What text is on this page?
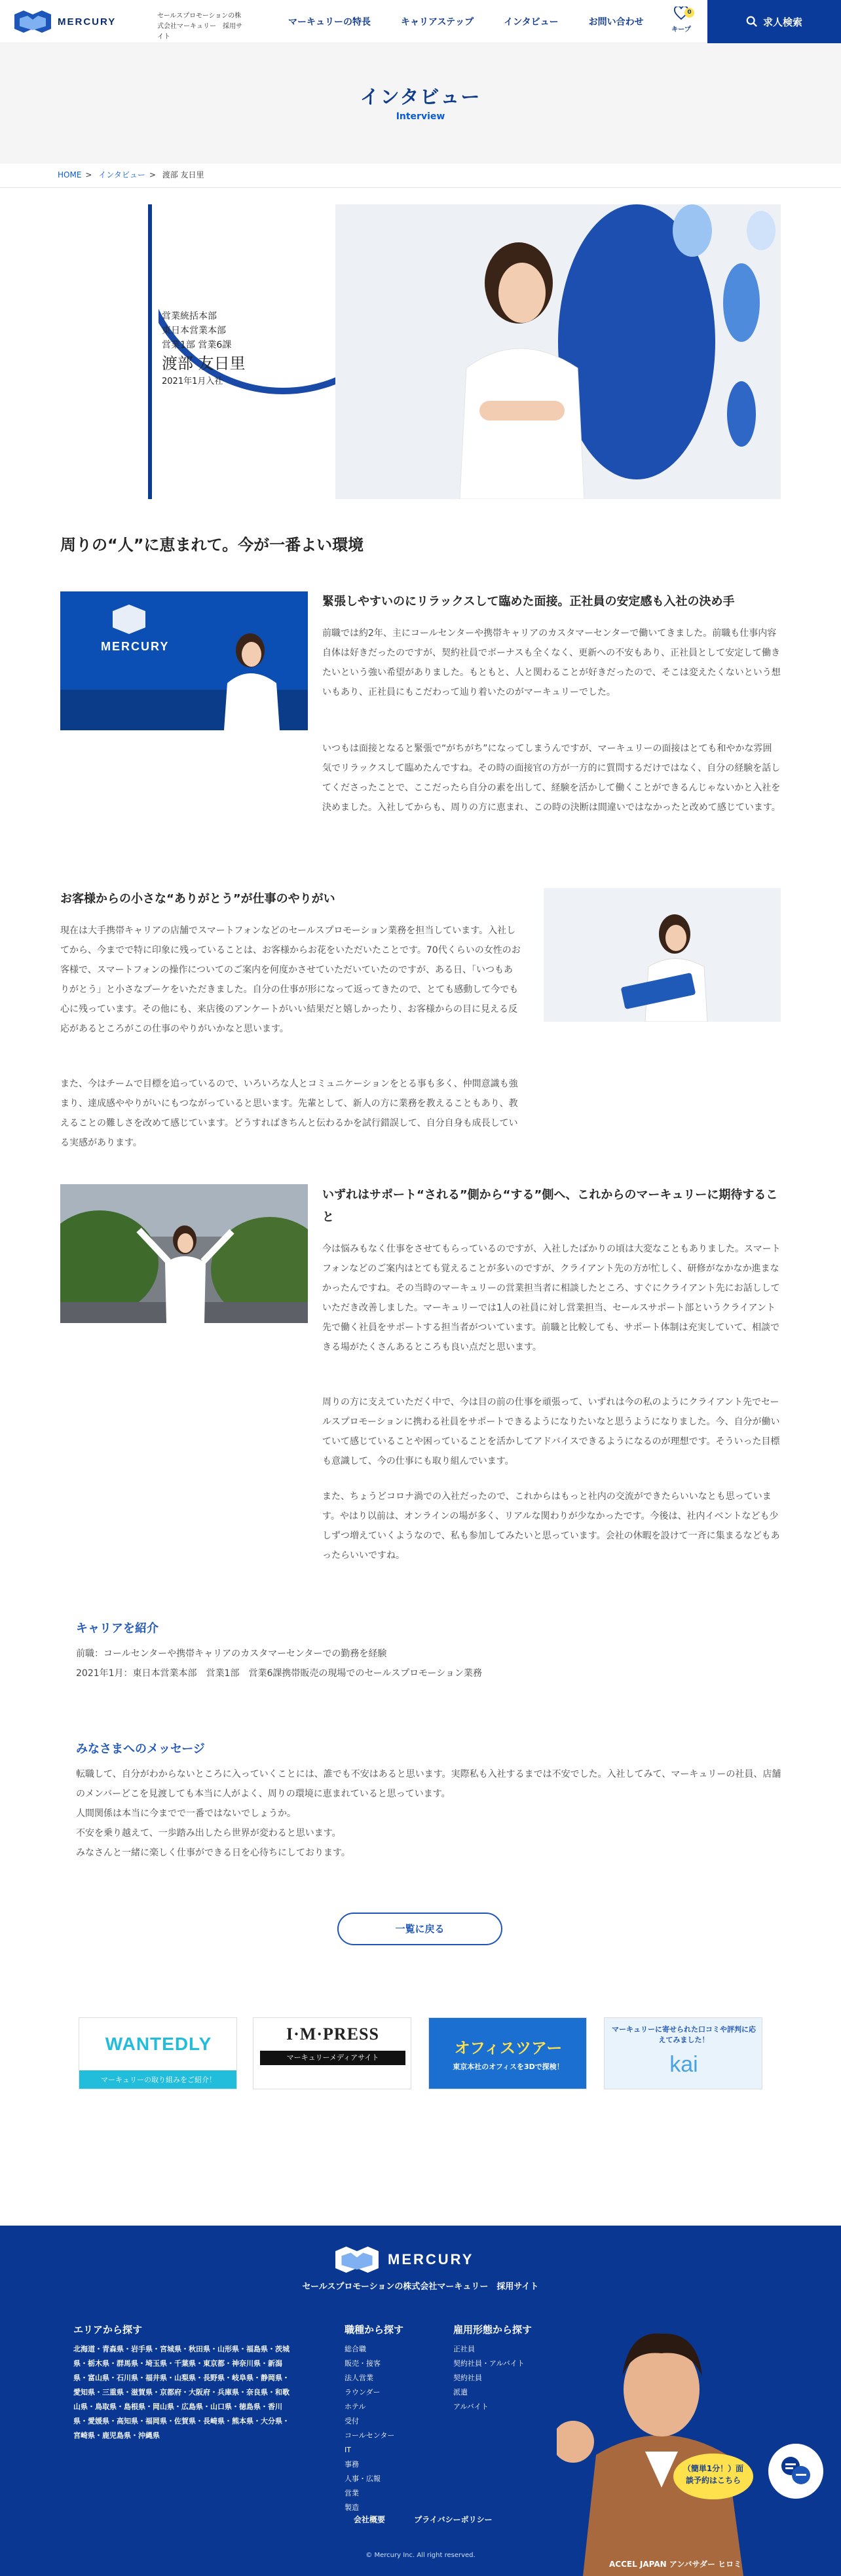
MERCURY	セールスプロモーションの株式会社マーキュリー　採用サイト
マーキュリーの特長	キャリアステップ	インタビュー	お問い合わせ
0
キープ
求人検索
インタビュー
Interview
HOME > インタビュー > 渡部 友日里
営業統括本部
東日本営業本部
営業1部 営業6課
渡部 友日里
2021年1月入社
周りの“人”に恵まれて。今が一番よい環境
MERCURY
緊張しやすいのにリラックスして臨めた面接。正社員の安定感も入社の決め手
前職では約2年、主にコールセンターや携帯キャリアのカスタマーセンターで働いてきました。前職も仕事内容自体は好きだったのですが、契約社員でボーナスも全くなく、更新への不安もあり、正社員として安定して働きたいという強い希望がありました。もともと、人と関わることが好きだったので、そこは変えたくないという想いもあり、正社員にもこだわって辿り着いたのがマーキュリーでした。
いつもは面接となると緊張で“がちがち”になってしまうんですが、マーキュリーの面接はとても和やかな雰囲気でリラックスして臨めたんですね。その時の面接官の方が一方的に質問するだけではなく、自分の経験を話してくださったことで、ここだったら自分の素を出して、経験を活かして働くことができるんじゃないかと入社を決めました。入社してからも、周りの方に恵まれ、この時の決断は間違いではなかったと改めて感じています。
お客様からの小さな“ありがとう”が仕事のやりがい
現在は大手携帯キャリアの店舗でスマートフォンなどのセールスプロモーション業務を担当しています。入社してから、今までで特に印象に残っていることは、お客様からお花をいただいたことです。70代くらいの女性のお客様で、スマートフォンの操作についてのご案内を何度かさせていただいていたのですが、ある日、「いつもありがとう」と小さなブーケをいただきました。自分の仕事が形になって返ってきたので、とても感動して今でも心に残っています。その他にも、来店後のアンケートがいい結果だと嬉しかったり、お客様からの目に見える反応があるところがこの仕事のやりがいかなと思います。
また、今はチームで目標を追っているので、いろいろな人とコミュニケーションをとる事も多く、仲間意識も強まり、達成感ややりがいにもつながっていると思います。先輩として、新人の方に業務を教えることもあり、教えることの難しさを改めて感じています。どうすればきちんと伝わるかを試行錯誤して、自分自身も成長している実感があります。
いずれはサポート“される”側から“する”側へ、これからのマーキュリーに期待すること
今は悩みもなく仕事をさせてもらっているのですが、入社したばかりの頃は大変なこともありました。スマートフォンなどのご案内はとても覚えることが多いのですが、クライアント先の方が忙しく、研修がなかなか進まなかったんですね。その当時のマーキュリーの営業担当者に相談したところ、すぐにクライアント先にお話ししていただき改善しました。マーキュリーでは1人の社員に対し営業担当、セールスサポート部というクライアント先で働く社員をサポートする担当者がついています。前職と比較しても、サポート体制は充実していて、相談できる場がたくさんあるところも良い点だと思います。
周りの方に支えていただく中で、今は目の前の仕事を頑張って、いずれは今の私のようにクライアント先でセールスプロモーションに携わる社員をサポートできるようになりたいなと思うようになりました。今、自分が働いていて感じていることや困っていることを活かしてアドバイスできるようになるのが理想です。そういった目標も意識して、今の仕事にも取り組んでいます。
また、ちょうどコロナ渦での入社だったので、これからはもっと社内の交流ができたらいいなとも思っています。やはり以前は、オンラインの場が多く、リアルな関わりが少なかったです。今後は、社内イベントなども少しずつ増えていくようなので、私も参加してみたいと思っています。会社の休暇を設けて一斉に集まるなどもあったらいいですね。
キャリアを紹介
前職：コールセンターや携帯キャリアのカスタマーセンターでの勤務を経験
2021年1月：東日本営業本部　営業1部　営業6課携帯販売の現場でのセールスプロモーション業務
みなさまへのメッセージ
転職して、自分がわからないところに入っていくことには、誰でも不安はあると思います。実際私も入社するまでは不安でした。入社してみて、マーキュリーの社員、店舗のメンバーどこを見渡しても本当に人がよく、周りの環境に恵まれていると思っています。
人間関係は本当に今までで一番ではないでしょうか。
不安を乗り越えて、一歩踏み出したら世界が変わると思います。
みなさんと一緒に楽しく仕事ができる日を心待ちにしております。
一覧に戻る
WANTEDLY
マーキュリーの取り組みをご紹介！
I·M·PRESS
マーキュリーメディアサイト
オフィスツアー
東京本社のオフィスを3Dで探検！
マーキュリーに寄せられた口コミや評判に応えてみました！
kai
MERCURY
セールスプロモーションの株式会社マーキュリー　採用サイト
エリアから探す
北海道・青森県・岩手県・宮城県・秋田県・山形県・福島県・茨城県・栃木県・群馬県・埼玉県・千葉県・東京都・神奈川県・新潟県・富山県・石川県・福井県・山梨県・長野県・岐阜県・静岡県・愛知県・三重県・滋賀県・京都府・大阪府・兵庫県・奈良県・和歌山県・鳥取県・島根県・岡山県・広島県・山口県・徳島県・香川県・愛媛県・高知県・福岡県・佐賀県・長崎県・熊本県・大分県・宮崎県・鹿児島県・沖縄県
職種から探す
総合職
販売・接客
法人営業
ラウンダー
ホテル
受付
コールセンター
IT
事務
人事・広報
営業
製造
雇用形態から探す
正社員
契約社員・アルバイト
契約社員
派遣
アルバイト
会社概要	プライバシーポリシー
© Mercury Inc. All right reserved.
ACCEL JAPAN アンバサダー ヒロミ
（簡単1分！）面談予約はこちら
